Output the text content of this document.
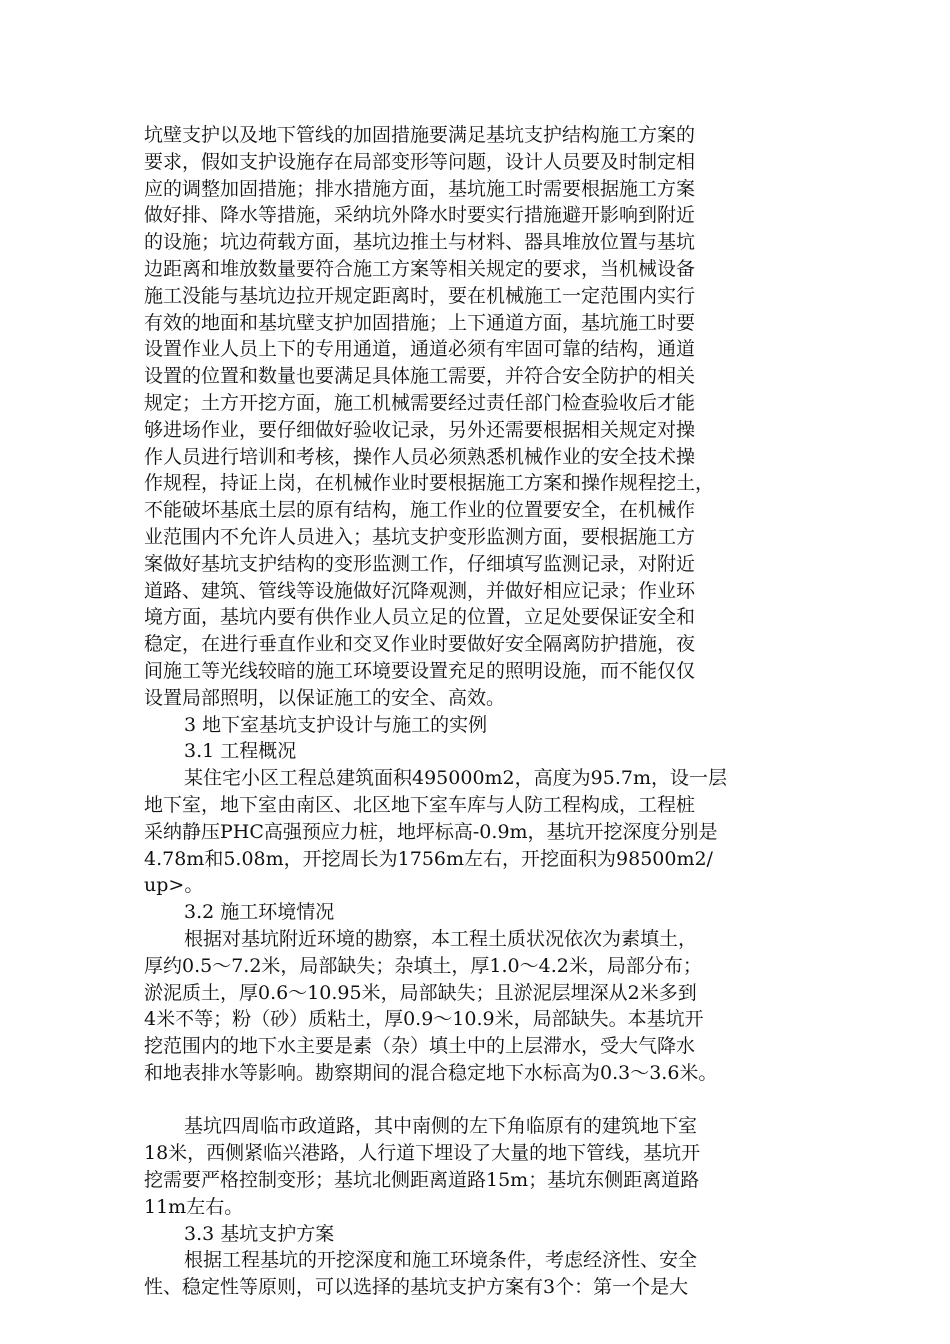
坑壁支护以及地下管线的加固措施要满足基坑支护结构施工方案的
要求，假如支护设施存在局部变形等问题，设计人员要及时制定相
应的调整加固措施；排水措施方面，基坑施工时需要根据施工方案
做好排、降水等措施，采纳坑外降水时要实行措施避开影响到附近
的设施；坑边荷载方面，基坑边推土与材料、器具堆放位置与基坑
边距离和堆放数量要符合施工方案等相关规定的要求，当机械设备
施工没能与基坑边拉开规定距离时，要在机械施工一定范围内实行
有效的地面和基坑壁支护加固措施；上下通道方面，基坑施工时要
设置作业人员上下的专用通道，通道必须有牢固可靠的结构，通道
设置的位置和数量也要满足具体施工需要，并符合安全防护的相关
规定；土方开挖方面，施工机械需要经过责任部门检查验收后才能
够进场作业，要仔细做好验收记录，另外还需要根据相关规定对操
作人员进行培训和考核，操作人员必须熟悉机械作业的安全技术操
作规程，持证上岗，在机械作业时要根据施工方案和操作规程挖土，
不能破坏基底土层的原有结构，施工作业的位置要安全，在机械作
业范围内不允许人员进入；基坑支护变形监测方面，要根据施工方
案做好基坑支护结构的变形监测工作，仔细填写监测记录，对附近
道路、建筑、管线等设施做好沉降观测，并做好相应记录；作业环
境方面，基坑内要有供作业人员立足的位置，立足处要保证安全和
稳定，在进行垂直作业和交叉作业时要做好安全隔离防护措施，夜
间施工等光线较暗的施工环境要设置充足的照明设施，而不能仅仅
设置局部照明，以保证施工的安全、高效。
3 地下室基坑支护设计与施工的实例
3.1 工程概况
某住宅小区工程总建筑面积495000m2，高度为95.7m，设一层
地下室，地下室由南区、北区地下室车库与人防工程构成，工程桩
采纳静压PHC高强预应力桩，地坪标高-0.9m，基坑开挖深度分别是
4.78m和5.08m，开挖周长为1756m左右，开挖面积为98500m2/
up>。
3.2 施工环境情况
根据对基坑附近环境的勘察，本工程土质状况依次为素填土，
厚约0.5～7.2米，局部缺失；杂填土，厚1.0～4.2米，局部分布；
淤泥质土，厚0.6～10.95米，局部缺失；且淤泥层埋深从2米多到
4米不等；粉（砂）质粘土，厚0.9～10.9米，局部缺失。本基坑开
挖范围内的地下水主要是素（杂）填土中的上层滞水，受大气降水
和地表排水等影响。勘察期间的混合稳定地下水标高为0.3～3.6米。
基坑四周临市政道路，其中南侧的左下角临原有的建筑地下室
18米，西侧紧临兴港路，人行道下埋设了大量的地下管线，基坑开
挖需要严格控制变形；基坑北侧距离道路15m；基坑东侧距离道路
11m左右。
3.3 基坑支护方案
根据工程基坑的开挖深度和施工环境条件，考虑经济性、安全
性、稳定性等原则，可以选择的基坑支护方案有3个：第一个是大
